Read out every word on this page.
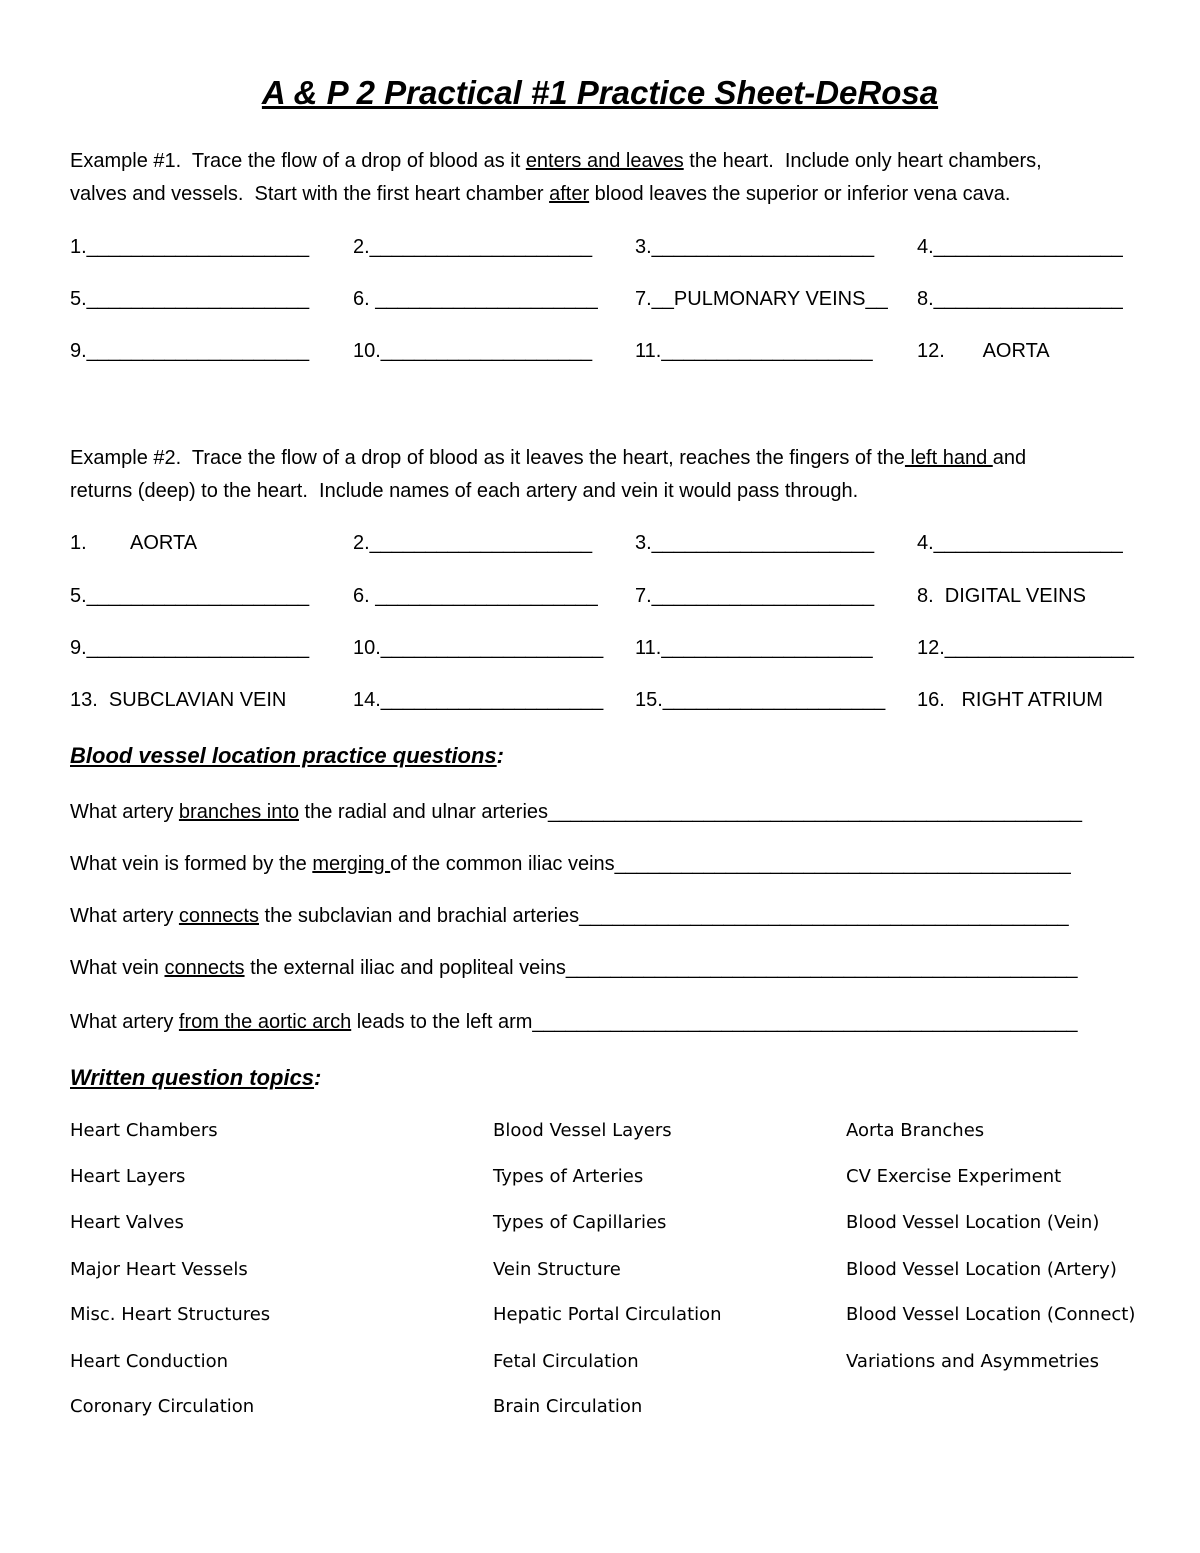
A & P 2 Practical #1 Practice Sheet-DeRosa
Example #1.  Trace the flow of a drop of blood as it enters and leaves the heart.  Include only heart chambers,
valves and vessels.  Start with the first heart chamber after blood leaves the superior or inferior vena cava.
1.____________________ 2.____________________ 3.____________________ 4._________________
5.____________________ 6. ____________________ 7.__PULMONARY VEINS__ 8._________________
9.____________________ 10.___________________ 11.___________________ 12.       AORTA
Example #2.  Trace the flow of a drop of blood as it leaves the heart, reaches the fingers of the left hand and
returns (deep) to the heart.  Include names of each artery and vein it would pass through.
1.        AORTA	2.____________________ 3.____________________ 4._________________
5.____________________ 6. ____________________ 7.____________________ 8.  DIGITAL VEINS
9.____________________ 10.____________________ 11.___________________ 12._________________
13.  SUBCLAVIAN VEIN	14.____________________ 15.____________________ 16.   RIGHT ATRIUM
Blood vessel location practice questions:
What artery branches into the radial and ulnar arteries________________________________________________
What vein is formed by the merging of the common iliac veins_________________________________________
What artery connects the subclavian and brachial arteries____________________________________________
What vein connects the external iliac and popliteal veins______________________________________________
What artery from the aortic arch leads to the left arm_________________________________________________
Written question topics:
Heart Chambers
Heart Layers
Heart Valves
Major Heart Vessels
Misc. Heart Structures
Heart Conduction
Coronary Circulation
Blood Vessel Layers
Types of Arteries
Types of Capillaries
Vein Structure
Hepatic Portal Circulation
Fetal Circulation
Brain Circulation
Aorta Branches
CV Exercise Experiment
Blood Vessel Location (Vein)
Blood Vessel Location (Artery)
Blood Vessel Location (Connect)
Variations and Asymmetries
